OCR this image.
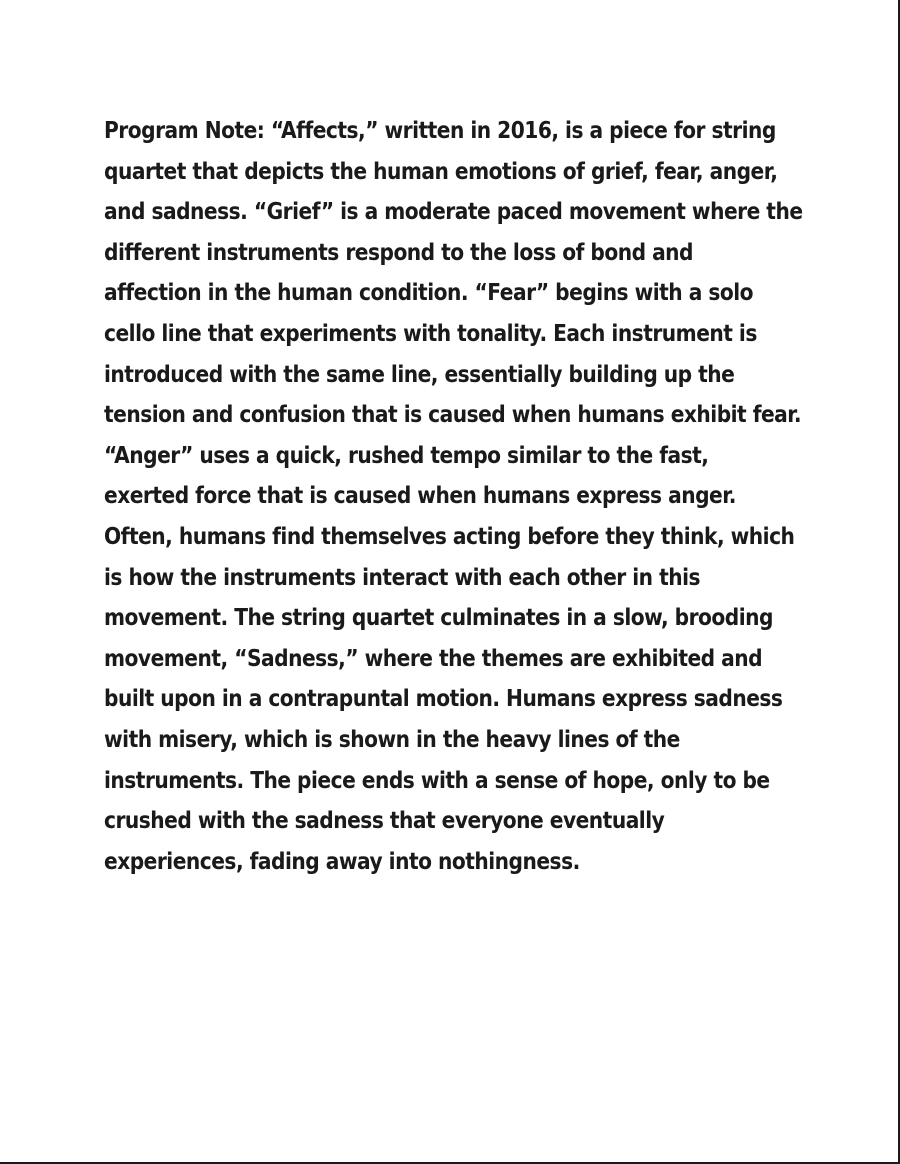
Program Note: “Affects,” written in 2016, is a piece for string
quartet that depicts the human emotions of grief, fear, anger,
and sadness. “Grief” is a moderate paced movement where the
different instruments respond to the loss of bond and
affection in the human condition. “Fear” begins with a solo
cello line that experiments with tonality. Each instrument is
introduced with the same line, essentially building up the
tension and confusion that is caused when humans exhibit fear.
“Anger” uses a quick, rushed tempo similar to the fast,
exerted force that is caused when humans express anger.
Often, humans find themselves acting before they think, which
is how the instruments interact with each other in this
movement. The string quartet culminates in a slow, brooding
movement, “Sadness,” where the themes are exhibited and
built upon in a contrapuntal motion. Humans express sadness
with misery, which is shown in the heavy lines of the
instruments. The piece ends with a sense of hope, only to be
crushed with the sadness that everyone eventually
experiences, fading away into nothingness.
